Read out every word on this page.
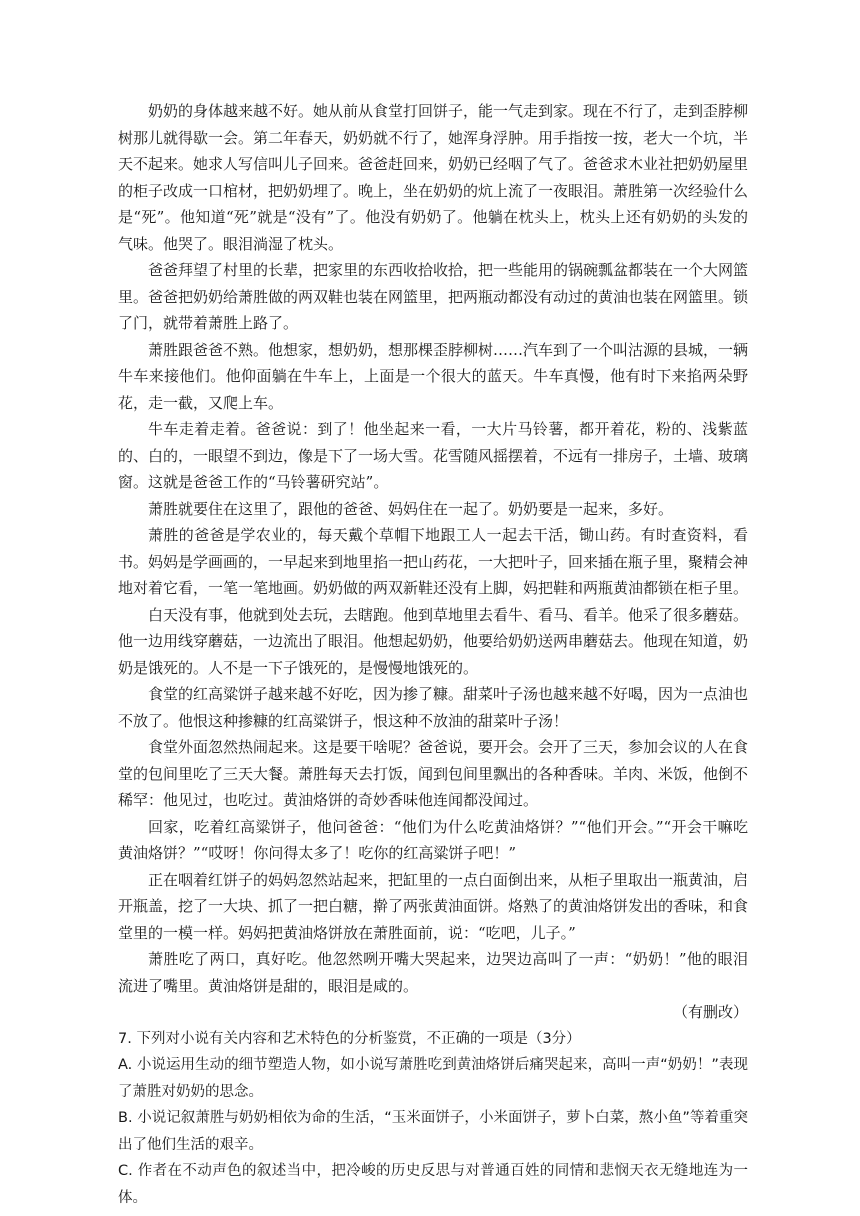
奶奶的身体越来越不好。她从前从食堂打回饼子，能一气走到家。现在不行了，走到歪脖柳树那儿就得歇一会。第二年春天，奶奶就不行了，她浑身浮肿。用手指按一按，老大一个坑，半天不起来。她求人写信叫儿子回来。爸爸赶回来，奶奶已经咽了气了。爸爸求木业社把奶奶屋里的柜子改成一口棺材，把奶奶埋了。晚上，坐在奶奶的炕上流了一夜眼泪。萧胜第一次经验什么是“死”。他知道“死”就是“没有”了。他没有奶奶了。他躺在枕头上，枕头上还有奶奶的头发的气味。他哭了。眼泪淌湿了枕头。

爸爸拜望了村里的长辈，把家里的东西收拾收拾，把一些能用的锅碗瓢盆都装在一个大网篮里。爸爸把奶奶给萧胜做的两双鞋也装在网篮里，把两瓶动都没有动过的黄油也装在网篮里。锁了门，就带着萧胜上路了。

萧胜跟爸爸不熟。他想家，想奶奶，想那棵歪脖柳树……汽车到了一个叫沽源的县城，一辆牛车来接他们。他仰面躺在牛车上，上面是一个很大的蓝天。牛车真慢，他有时下来掐两朵野花，走一截，又爬上车。

牛车走着走着。爸爸说：到了！他坐起来一看，一大片马铃薯，都开着花，粉的、浅紫蓝的、白的，一眼望不到边，像是下了一场大雪。花雪随风摇摆着，不远有一排房子，土墙、玻璃窗。这就是爸爸工作的“马铃薯研究站”。

萧胜就要住在这里了，跟他的爸爸、妈妈住在一起了。奶奶要是一起来，多好。

萧胜的爸爸是学农业的，每天戴个草帽下地跟工人一起去干活，锄山药。有时查资料，看书。妈妈是学画画的，一早起来到地里掐一把山药花，一大把叶子，回来插在瓶子里，聚精会神地对着它看，一笔一笔地画。奶奶做的两双新鞋还没有上脚，妈把鞋和两瓶黄油都锁在柜子里。

白天没有事，他就到处去玩，去瞎跑。他到草地里去看牛、看马、看羊。他采了很多蘑菇。他一边用线穿蘑菇，一边流出了眼泪。他想起奶奶，他要给奶奶送两串蘑菇去。他现在知道，奶奶是饿死的。人不是一下子饿死的，是慢慢地饿死的。

食堂的红高粱饼子越来越不好吃，因为掺了糠。甜菜叶子汤也越来越不好喝，因为一点油也不放了。他恨这种掺糠的红高粱饼子，恨这种不放油的甜菜叶子汤！

食堂外面忽然热闹起来。这是要干啥呢？爸爸说，要开会。会开了三天，参加会议的人在食堂的包间里吃了三天大餐。萧胜每天去打饭，闻到包间里飘出的各种香味。羊肉、米饭，他倒不稀罕：他见过，也吃过。黄油烙饼的奇妙香味他连闻都没闻过。

回家，吃着红高粱饼子，他问爸爸：“他们为什么吃黄油烙饼？”“他们开会。”“开会干嘛吃黄油烙饼？”“哎呀！你问得太多了！吃你的红高粱饼子吧！”

正在咽着红饼子的妈妈忽然站起来，把缸里的一点白面倒出来，从柜子里取出一瓶黄油，启开瓶盖，挖了一大块、抓了一把白糖，擀了两张黄油面饼。烙熟了的黄油烙饼发出的香味，和食堂里的一模一样。妈妈把黄油烙饼放在萧胜面前，说：“吃吧，儿子。”

萧胜吃了两口，真好吃。他忽然咧开嘴大哭起来，边哭边高叫了一声：“奶奶！”他的眼泪流进了嘴里。黄油烙饼是甜的，眼泪是咸的。

（有删改）

7. 下列对小说有关内容和艺术特色的分析鉴赏，不正确的一项是（3分）

A. 小说运用生动的细节塑造人物，如小说写萧胜吃到黄油烙饼后痛哭起来，高叫一声“奶奶！”表现了萧胜对奶奶的思念。

B. 小说记叙萧胜与奶奶相依为命的生活，“玉米面饼子，小米面饼子，萝卜白菜，熬小鱼”等着重突出了他们生活的艰辛。

C. 作者在不动声色的叙述当中，把冷峻的历史反思与对普通百姓的同情和悲悯天衣无缝地连为一体。
